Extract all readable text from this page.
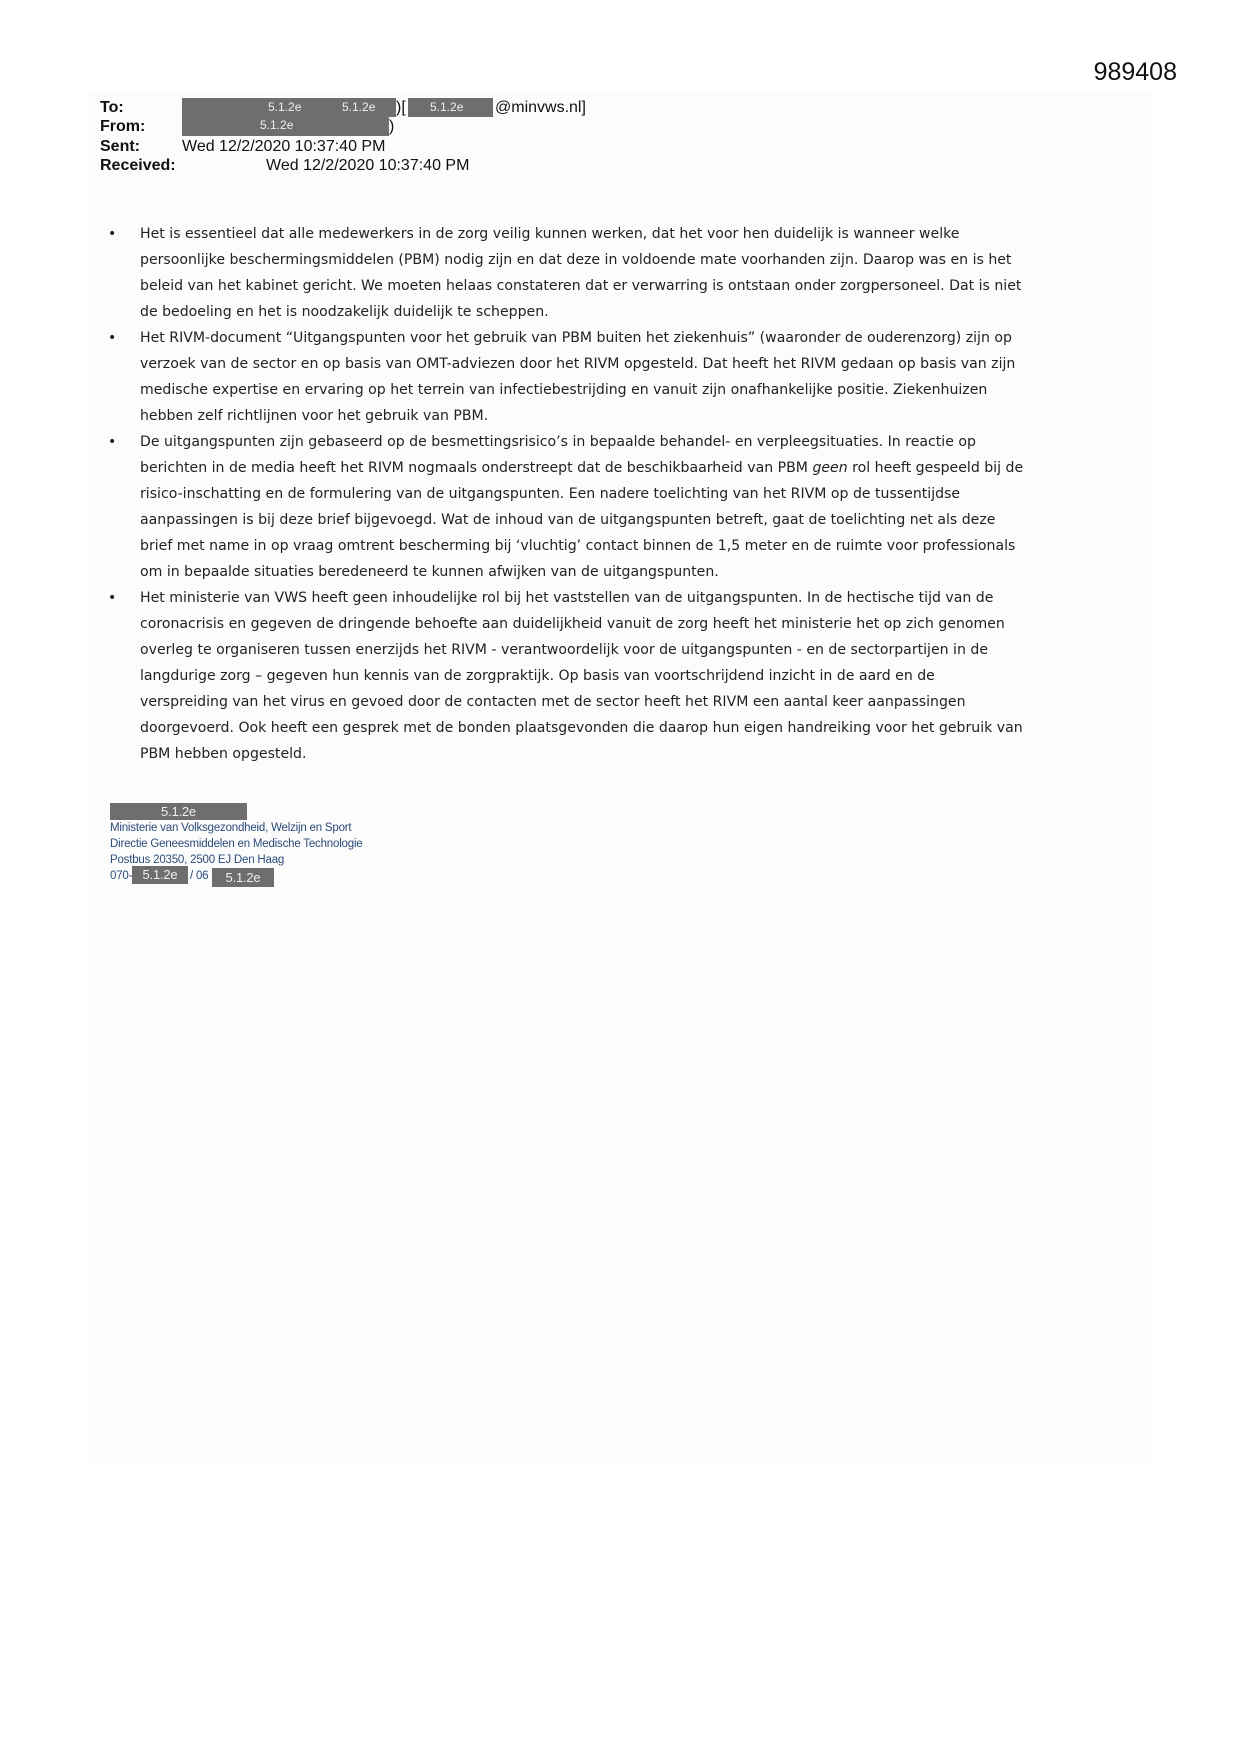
989408
To:	5.1.2e	5.1.2e )[ 5.1.2e @minvws.nl]
From:	5.1.2e	)
Sent:	Wed 12/2/2020 10:37:40 PM
Received:	Wed 12/2/2020 10:37:40 PM
• Het is essentieel dat alle medewerkers in de zorg veilig kunnen werken, dat het voor hen duidelijk is wanneer welke
persoonlijke beschermingsmiddelen (PBM) nodig zijn en dat deze in voldoende mate voorhanden zijn. Daarop was en is het
beleid van het kabinet gericht. We moeten helaas constateren dat er verwarring is ontstaan onder zorgpersoneel. Dat is niet
de bedoeling en het is noodzakelijk duidelijk te scheppen.
• Het RIVM-document “Uitgangspunten voor het gebruik van PBM buiten het ziekenhuis” (waaronder de ouderenzorg) zijn op
verzoek van de sector en op basis van OMT-adviezen door het RIVM opgesteld. Dat heeft het RIVM gedaan op basis van zijn
medische expertise en ervaring op het terrein van infectiebestrijding en vanuit zijn onafhankelijke positie. Ziekenhuizen
hebben zelf richtlijnen voor het gebruik van PBM.
• De uitgangspunten zijn gebaseerd op de besmettingsrisico’s in bepaalde behandel- en verpleegsituaties. In reactie op
berichten in de media heeft het RIVM nogmaals onderstreept dat de beschikbaarheid van PBM geen rol heeft gespeeld bij de
risico-inschatting en de formulering van de uitgangspunten. Een nadere toelichting van het RIVM op de tussentijdse
aanpassingen is bij deze brief bijgevoegd. Wat de inhoud van de uitgangspunten betreft, gaat de toelichting net als deze
brief met name in op vraag omtrent bescherming bij ‘vluchtig’ contact binnen de 1,5 meter en de ruimte voor professionals
om in bepaalde situaties beredeneerd te kunnen afwijken van de uitgangspunten.
• Het ministerie van VWS heeft geen inhoudelijke rol bij het vaststellen van de uitgangspunten. In de hectische tijd van de
coronacrisis en gegeven de dringende behoefte aan duidelijkheid vanuit de zorg heeft het ministerie het op zich genomen
overleg te organiseren tussen enerzijds het RIVM - verantwoordelijk voor de uitgangspunten - en de sectorpartijen in de
langdurige zorg – gegeven hun kennis van de zorgpraktijk. Op basis van voortschrijdend inzicht in de aard en de
verspreiding van het virus en gevoed door de contacten met de sector heeft het RIVM een aantal keer aanpassingen
doorgevoerd. Ook heeft een gesprek met de bonden plaatsgevonden die daarop hun eigen handreiking voor het gebruik van
PBM hebben opgesteld.
5.1.2e
Ministerie van Volksgezondheid, Welzijn en Sport
Directie Geneesmiddelen en Medische Technologie
Postbus 20350, 2500 EJ Den Haag
070- 5.1.2e	/ 06	5.1.2e
